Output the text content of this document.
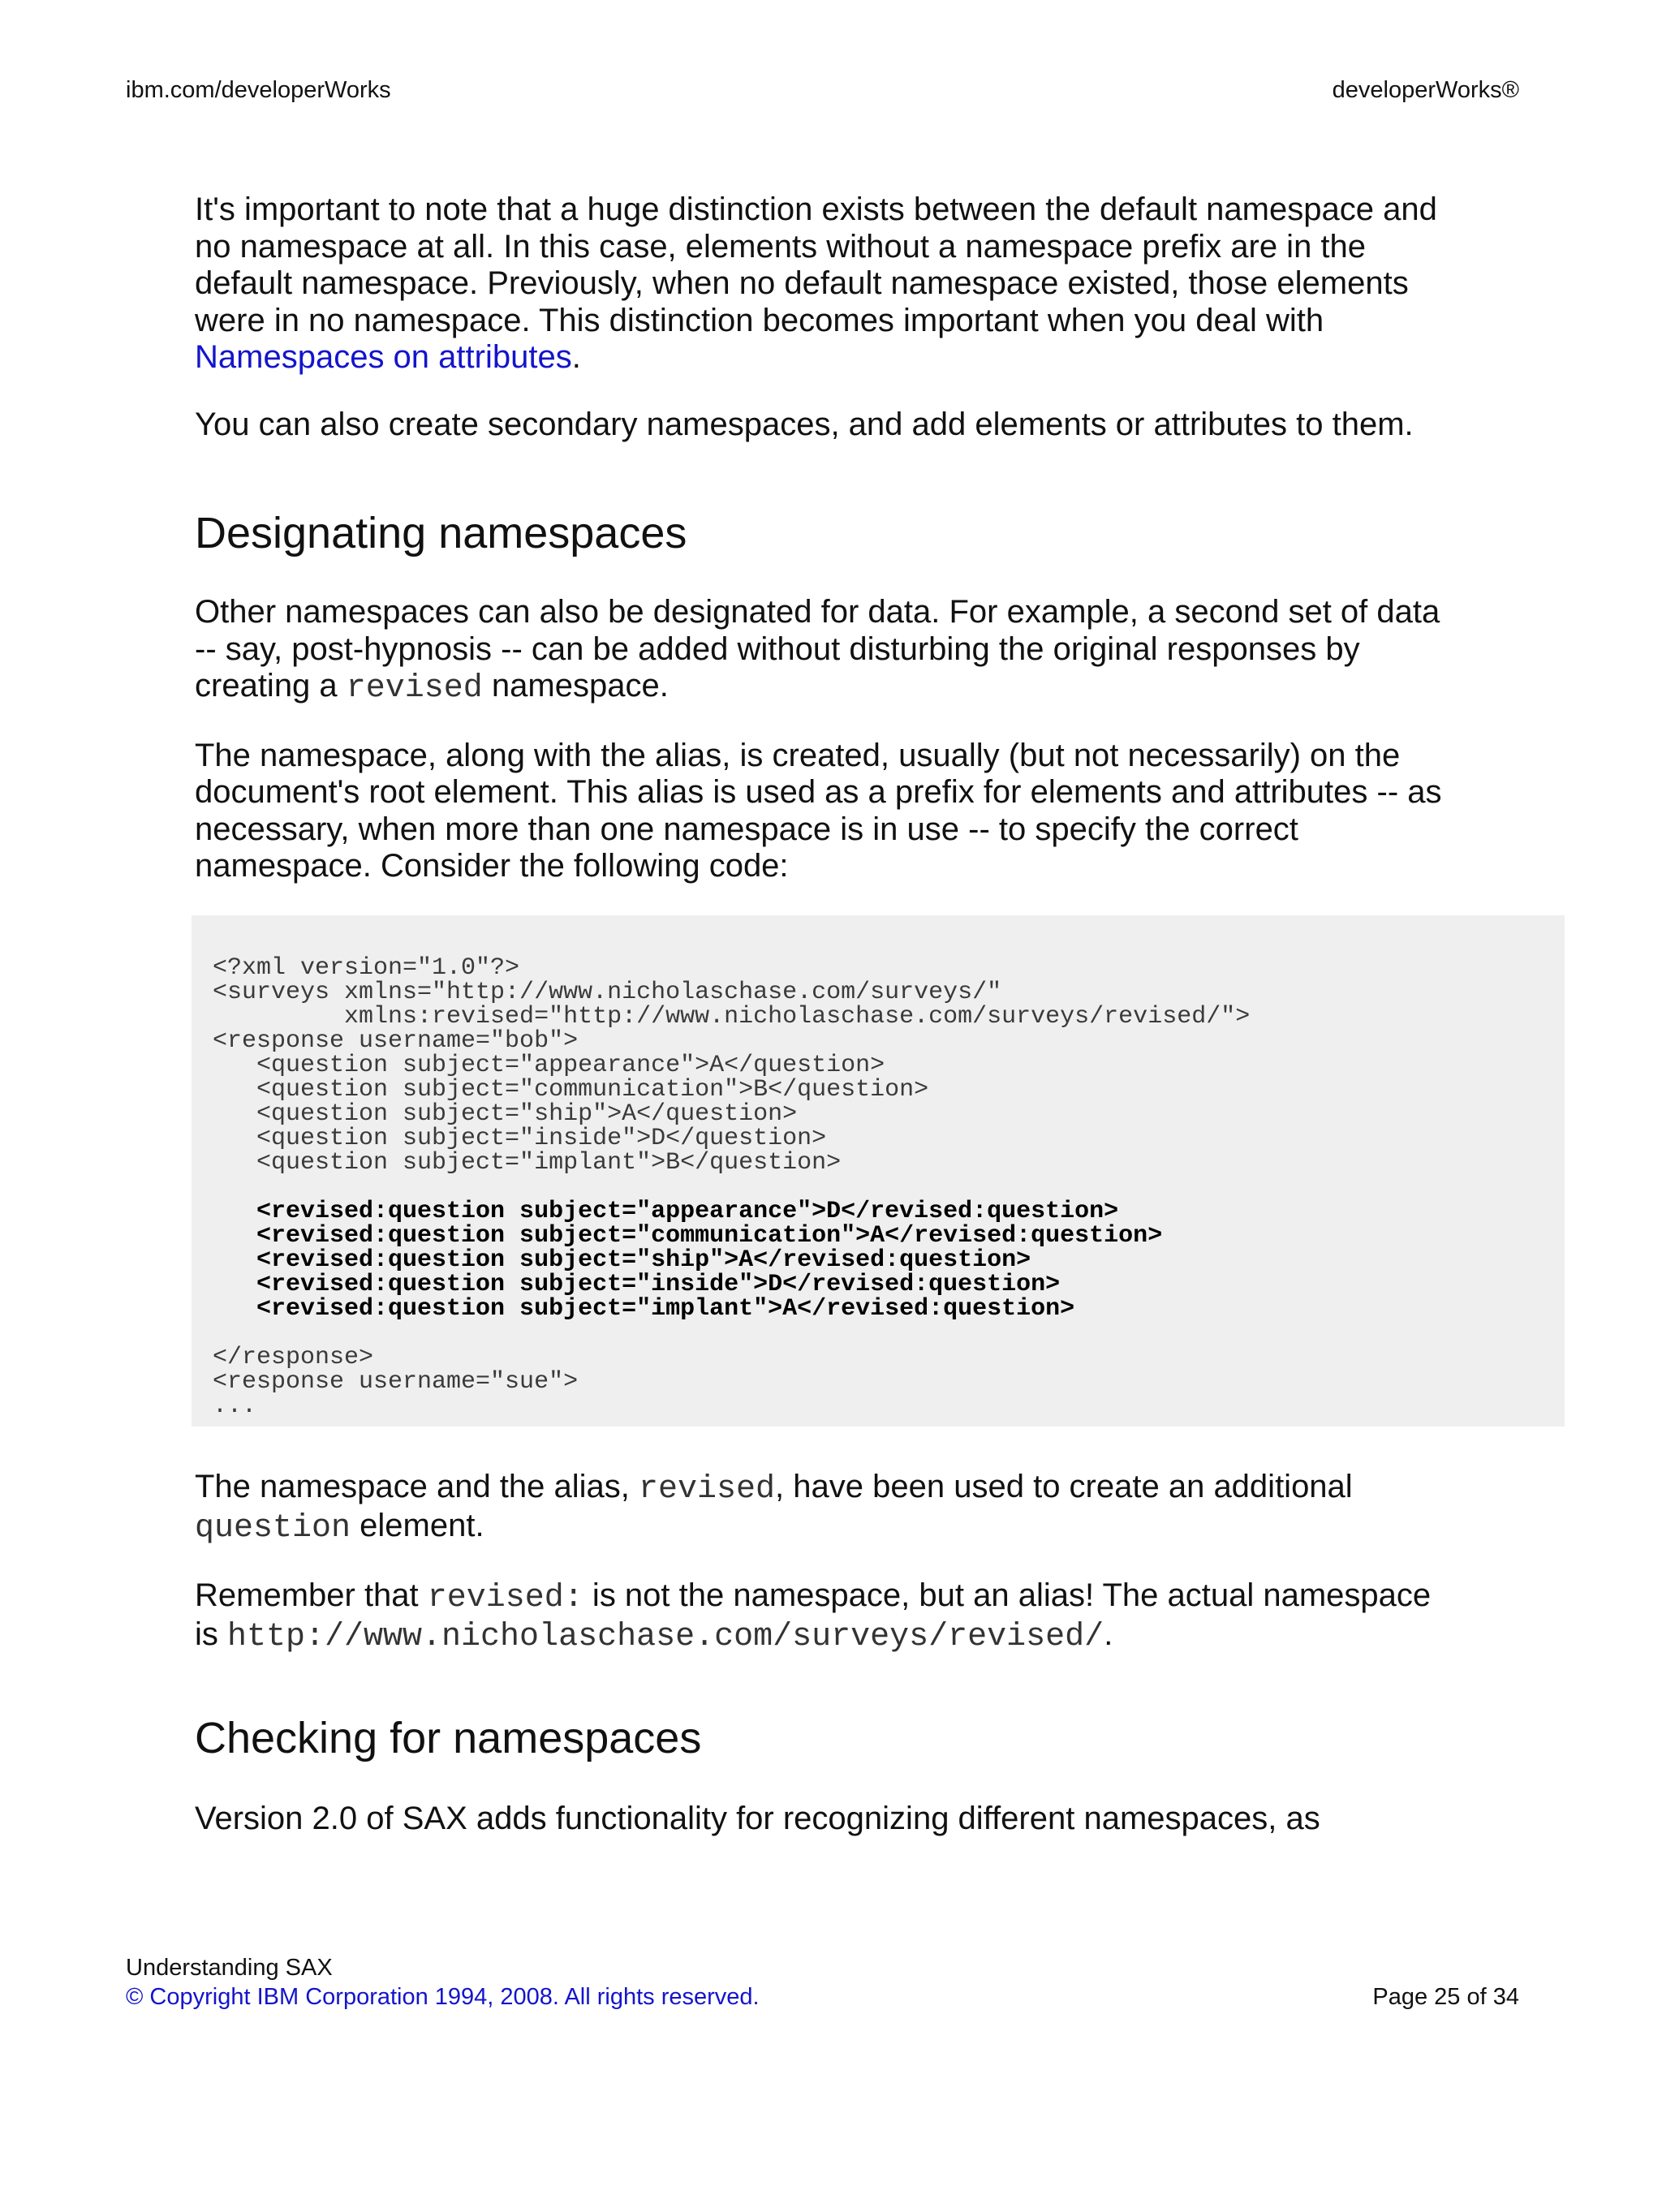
ibm.com/developerWorks	developerWorks®

It's important to note that a huge distinction exists between the default namespace and no namespace at all. In this case, elements without a namespace prefix are in the default namespace. Previously, when no default namespace existed, those elements were in no namespace. This distinction becomes important when you deal with Namespaces on attributes.

You can also create secondary namespaces, and add elements or attributes to them.

Designating namespaces

Other namespaces can also be designated for data. For example, a second set of data -- say, post-hypnosis -- can be added without disturbing the original responses by creating a revised namespace.

The namespace, along with the alias, is created, usually (but not necessarily) on the document's root element. This alias is used as a prefix for elements and attributes -- as necessary, when more than one namespace is in use -- to specify the correct namespace. Consider the following code:

<?xml version="1.0"?>
<surveys xmlns="http://www.nicholaschase.com/surveys/"
xmlns:revised="http://www.nicholaschase.com/surveys/revised/">
<response username="bob">
<question subject="appearance">A</question>
<question subject="communication">B</question>
<question subject="ship">A</question>
<question subject="inside">D</question>
<question subject="implant">B</question>

<revised:question subject="appearance">D</revised:question>
<revised:question subject="communication">A</revised:question>
<revised:question subject="ship">A</revised:question>
<revised:question subject="inside">D</revised:question>
<revised:question subject="implant">A</revised:question>

</response>
<response username="sue">
...

The namespace and the alias, revised, have been used to create an additional question element.

Remember that revised: is not the namespace, but an alias! The actual namespace is http://www.nicholaschase.com/surveys/revised/.

Checking for namespaces

Version 2.0 of SAX adds functionality for recognizing different namespaces, as

Understanding SAX
© Copyright IBM Corporation 1994, 2008. All rights reserved.	Page 25 of 34
